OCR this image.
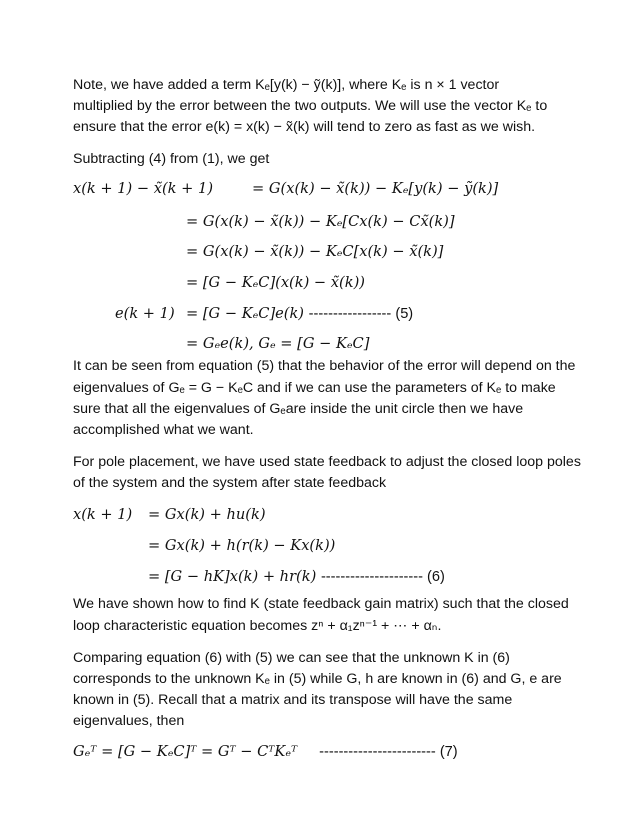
Note, we have added a term Kₑ[y(k) − ỹ(k)], where Kₑ is n × 1 vector

multiplied by the error between the two outputs. We will use the vector Kₑ to

ensure that the error e(k) = x(k) − x̃(k) will tend to zero as fast as we wish.

Subtracting (4) from (1), we get

x(k + 1) − x̃(k + 1)	= G(x(k) − x̃(k)) − Kₑ[y(k) − ỹ(k)]

= G(x(k) − x̃(k)) − Kₑ[Cx(k) − Cx̃(k)]

= G(x(k) − x̃(k)) − KₑC[x(k) − x̃(k)]

= [G − KₑC](x(k) − x̃(k))

e(k + 1) = [G − KₑC]e(k) ----------------- (5)

= Gₑe(k), Gₑ = [G − KₑC]

It can be seen from equation (5) that the behavior of the error will depend on the

eigenvalues of Gₑ = G − KₑC and if we can use the parameters of Kₑ to make

sure that all the eigenvalues of Gₑare inside the unit circle then we have

accomplished what we want.

For pole placement, we have used state feedback to adjust the closed loop poles

of the system and the system after state feedback

x(k + 1) = Gx(k) + hu(k)

= Gx(k) + h(r(k) − Kx(k))

= [G − hK]x(k) + hr(k) --------------------- (6)

We have shown how to find K (state feedback gain matrix) such that the closed

loop characteristic equation becomes zⁿ + α₁zⁿ⁻¹ + ⋯ + αₙ.

Comparing equation (6) with (5) we can see that the unknown K in (6)

corresponds to the unknown Kₑ in (5) while G, h are known in (6) and G, e are

known in (5). Recall that a matrix and its transpose will have the same

eigenvalues, then

Gₑᵀ = [G − KₑC]ᵀ = Gᵀ − CᵀKₑᵀ ------------------------ (7)
